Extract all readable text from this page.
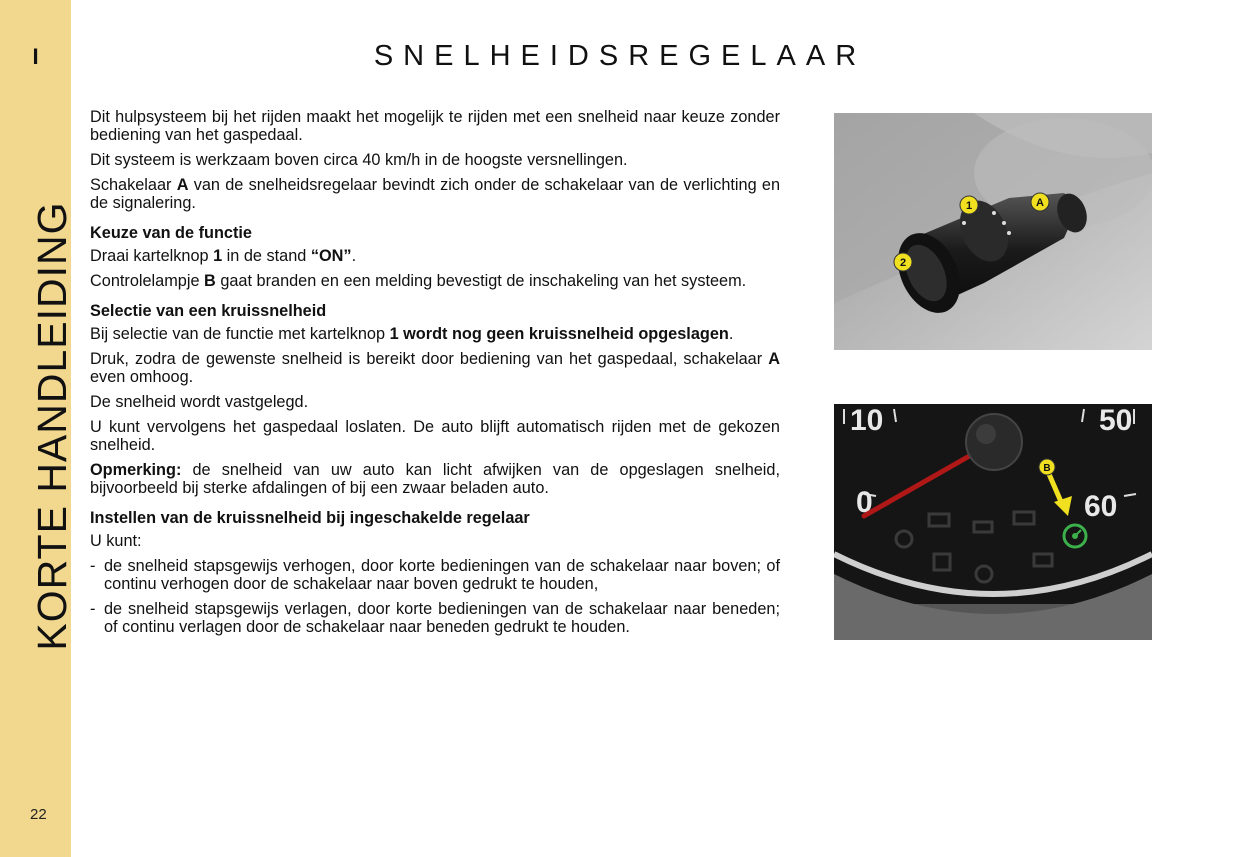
I
KORTE HANDLEIDING
22
SNELHEIDSREGELAAR

Dit hulpsysteem bij het rijden maakt het mogelijk te rijden met een snelheid naar keuze zonder bediening van het gaspedaal.

Dit systeem is werkzaam boven circa 40 km/h in de hoogste versnellingen.

Schakelaar A van de snelheidsregelaar bevindt zich onder de schakelaar van de verlichting en de signalering.

Keuze van de functie

Draai kartelknop 1 in de stand “ON”.

Controlelampje B gaat branden en een melding bevestigt de inschakeling van het systeem.

Selectie van een kruissnelheid

Bij selectie van de functie met kartelknop 1 wordt nog geen kruissnelheid opgeslagen.

Druk, zodra de gewenste snelheid is bereikt door bediening van het gaspedaal, schakelaar A even omhoog.

De snelheid wordt vastgelegd.

U kunt vervolgens het gaspedaal loslaten. De auto blijft automatisch rijden met de gekozen snelheid.

Opmerking: de snelheid van uw auto kan licht afwijken van de opgeslagen snelheid, bijvoorbeeld bij sterke afdalingen of bij een zwaar beladen auto.

Instellen van de kruissnelheid bij ingeschakelde regelaar

U kunt:

- de snelheid stapsgewijs verhogen, door korte bedieningen van de schakelaar naar boven; of continu verhogen door de schakelaar naar boven gedrukt te houden,
- de snelheid stapsgewijs verlagen, door korte bedieningen van de schakelaar naar beneden; of continu verlagen door de schakelaar naar beneden gedrukt te houden.
1	A
2
10	50
0	60
B
